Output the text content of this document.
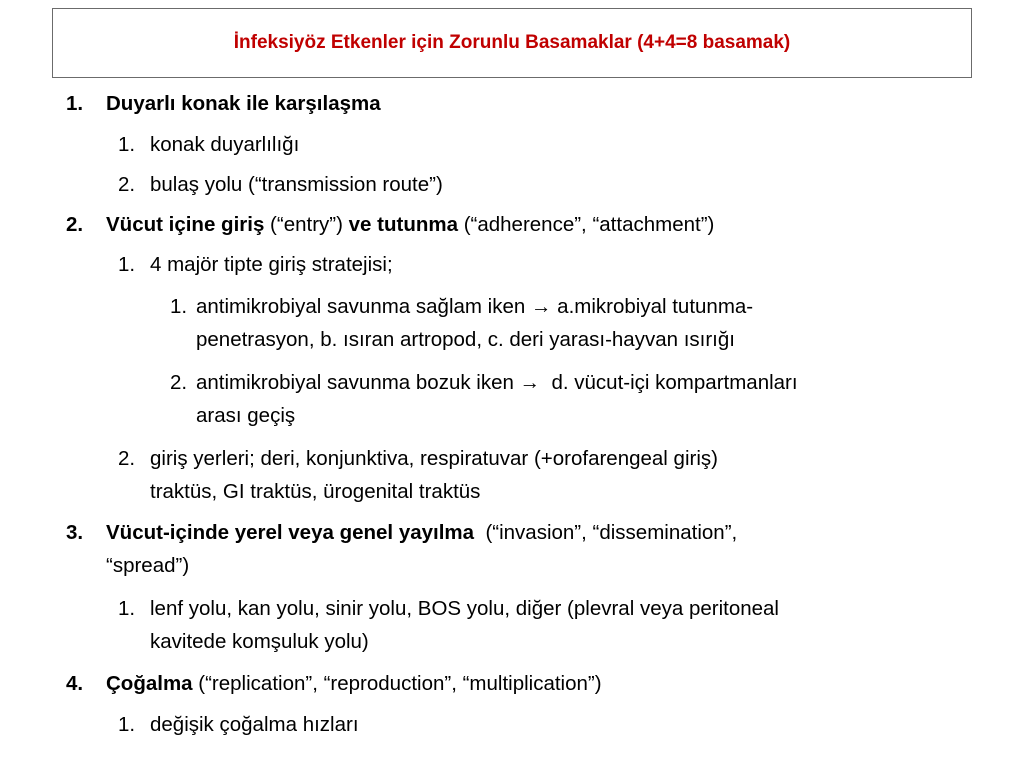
İnfeksiyöz Etkenler için Zorunlu Basamaklar (4+4=8 basamak)
1. Duyarlı konak ile karşılaşma
1. konak duyarlılığı
2. bulaş yolu (“transmission route”)
2. Vücut içine giriş (“entry”) ve tutunma (“adherence”, “attachment”)
1. 4 majör tipte giriş stratejisi;
1. antimikrobiyal savunma sağlam iken → a.mikrobiyal tutunma-
penetrasyon, b. ısıran artropod, c. deri yarası-hayvan ısırığı
2. antimikrobiyal savunma bozuk iken →  d. vücut-içi kompartmanları
arası geçiş
2. giriş yerleri; deri, konjunktiva, respiratuvar (+orofarengeal giriş)
traktüs, GI traktüs, ürogenital traktüs
3. Vücut-içinde yerel veya genel yayılma  (“invasion”, “dissemination”,
“spread”)
1. lenf yolu, kan yolu, sinir yolu, BOS yolu, diğer (plevral veya peritoneal
kavitede komşuluk yolu)
4. Çoğalma (“replication”, “reproduction”, “multiplication”)
1. değişik çoğalma hızları
